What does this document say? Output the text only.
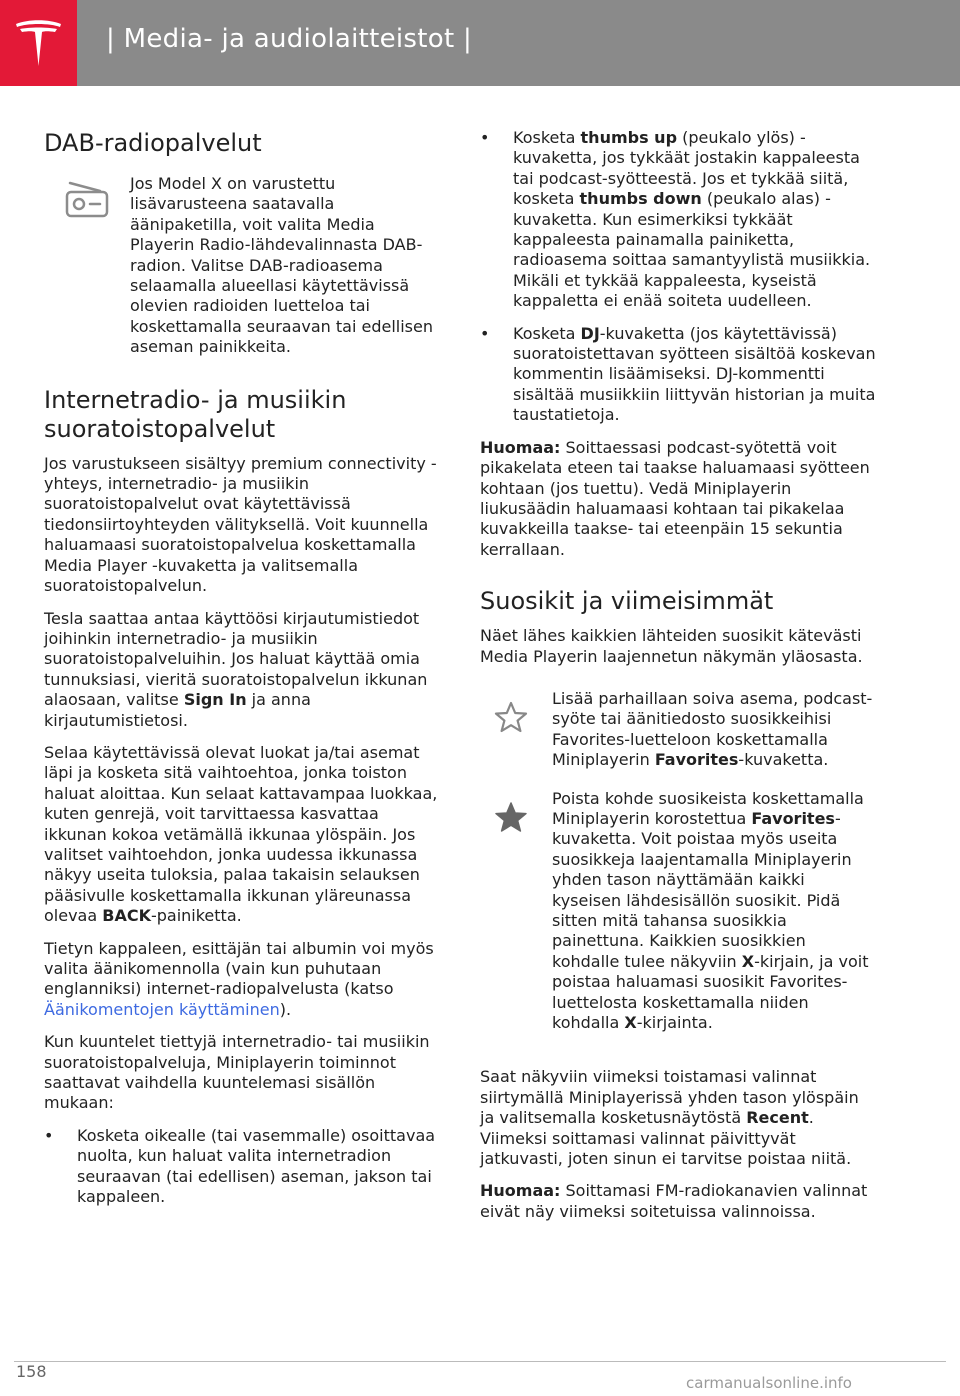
| Media- ja audiolaitteistot |
DAB-radiopalvelut
Jos Model X on varustettu lisävarusteena saatavalla äänipaketilla, voit valita Media Playerin Radio-lähdevalinnasta DAB-radion. Valitse DAB-radioasema selaamalla alueellasi käytettävissä olevien radioiden luetteloa tai koskettamalla seuraavan tai edellisen aseman painikkeita.
Internetradio- ja musiikin suoratoistopalvelut

Jos varustukseen sisältyy premium connectivity -yhteys, internetradio- ja musiikin suoratoistopalvelut ovat käytettävissä tiedonsiirtoyhteyden välityksellä. Voit kuunnella haluamaasi suoratoistopalvelua koskettamalla Media Player -kuvaketta ja valitsemalla suoratoistopalvelun.

Tesla saattaa antaa käyttöösi kirjautumistiedot joihinkin internetradio- ja musiikin suoratoistopalveluihin. Jos haluat käyttää omia tunnuksiasi, vieritä suoratoistopalvelun ikkunan alaosaan, valitse Sign In ja anna kirjautumistietosi.

Selaa käytettävissä olevat luokat ja/tai asemat läpi ja kosketa sitä vaihtoehtoa, jonka toiston haluat aloittaa. Kun selaat kattavampaa luokkaa, kuten genrejä, voit tarvittaessa kasvattaa ikkunan kokoa vetämällä ikkunaa ylöspäin. Jos valitset vaihtoehdon, jonka uudessa ikkunassa näkyy useita tuloksia, palaa takaisin selauksen pääsivulle koskettamalla ikkunan yläreunassa olevaa BACK-painiketta.

Tietyn kappaleen, esittäjän tai albumin voi myös valita äänikomennolla (vain kun puhutaan englanniksi) internet-radiopalvelusta (katso Äänikomentojen käyttäminen).

Kun kuuntelet tiettyjä internetradio- tai musiikin suoratoistopalveluja, Miniplayerin toiminnot saattavat vaihdella kuuntelemasi sisällön mukaan:

•	Kosketa oikealle (tai vasemmalle) osoittavaa nuolta, kun haluat valita internetradion seuraavan (tai edellisen) aseman, jakson tai kappaleen.
•	Kosketa thumbs up (peukalo ylös) -kuvaketta, jos tykkäät jostakin kappaleesta tai podcast-syötteestä. Jos et tykkää siitä, kosketa thumbs down (peukalo alas) -kuvaketta. Kun esimerkiksi tykkäät kappaleesta painamalla painiketta, radioasema soittaa samantyylistä musiikkia. Mikäli et tykkää kappaleesta, kyseistä kappaletta ei enää soiteta uudelleen.
•	Kosketa DJ-kuvaketta (jos käytettävissä) suoratoistettavan syötteen sisältöä koskevan kommentin lisäämiseksi. DJ-kommentti sisältää musiikkiin liittyvän historian ja muita taustatietoja.

Huomaa: Soittaessasi podcast-syötettä voit pikakelata eteen tai taakse haluamaasi syötteen kohtaan (jos tuettu). Vedä Miniplayerin liukusäädin haluamaasi kohtaan tai pikakelaa kuvakkeilla taakse- tai eteenpäin 15 sekuntia kerrallaan.

Suosikit ja viimeisimmät

Näet lähes kaikkien lähteiden suosikit kätevästi Media Playerin laajennetun näkymän yläosasta.

Lisää parhaillaan soiva asema, podcast-syöte tai äänitiedosto suosikkeihisi Favorites-luetteloon koskettamalla Miniplayerin Favorites-kuvaketta.
Poista kohde suosikeista koskettamalla Miniplayerin korostettua Favorites-kuvaketta. Voit poistaa myös useita suosikkeja laajentamalla Miniplayerin yhden tason näyttämään kaikki kyseisen lähdesisällön suosikit. Pidä sitten mitä tahansa suosikkia painettuna. Kaikkien suosikkien kohdalle tulee näkyviin X-kirjain, ja voit poistaa haluamasi suosikit Favorites-luettelosta koskettamalla niiden kohdalla X-kirjainta.

Saat näkyviin viimeksi toistamasi valinnat siirtymällä Miniplayerissä yhden tason ylöspäin ja valitsemalla kosketusnäytöstä Recent. Viimeksi soittamasi valinnat päivittyvät jatkuvasti, joten sinun ei tarvitse poistaa niitä.

Huomaa: Soittamasi FM-radiokanavien valinnat eivät näy viimeksi soitetuissa valinnoissa.

158
carmanualsonline.info
